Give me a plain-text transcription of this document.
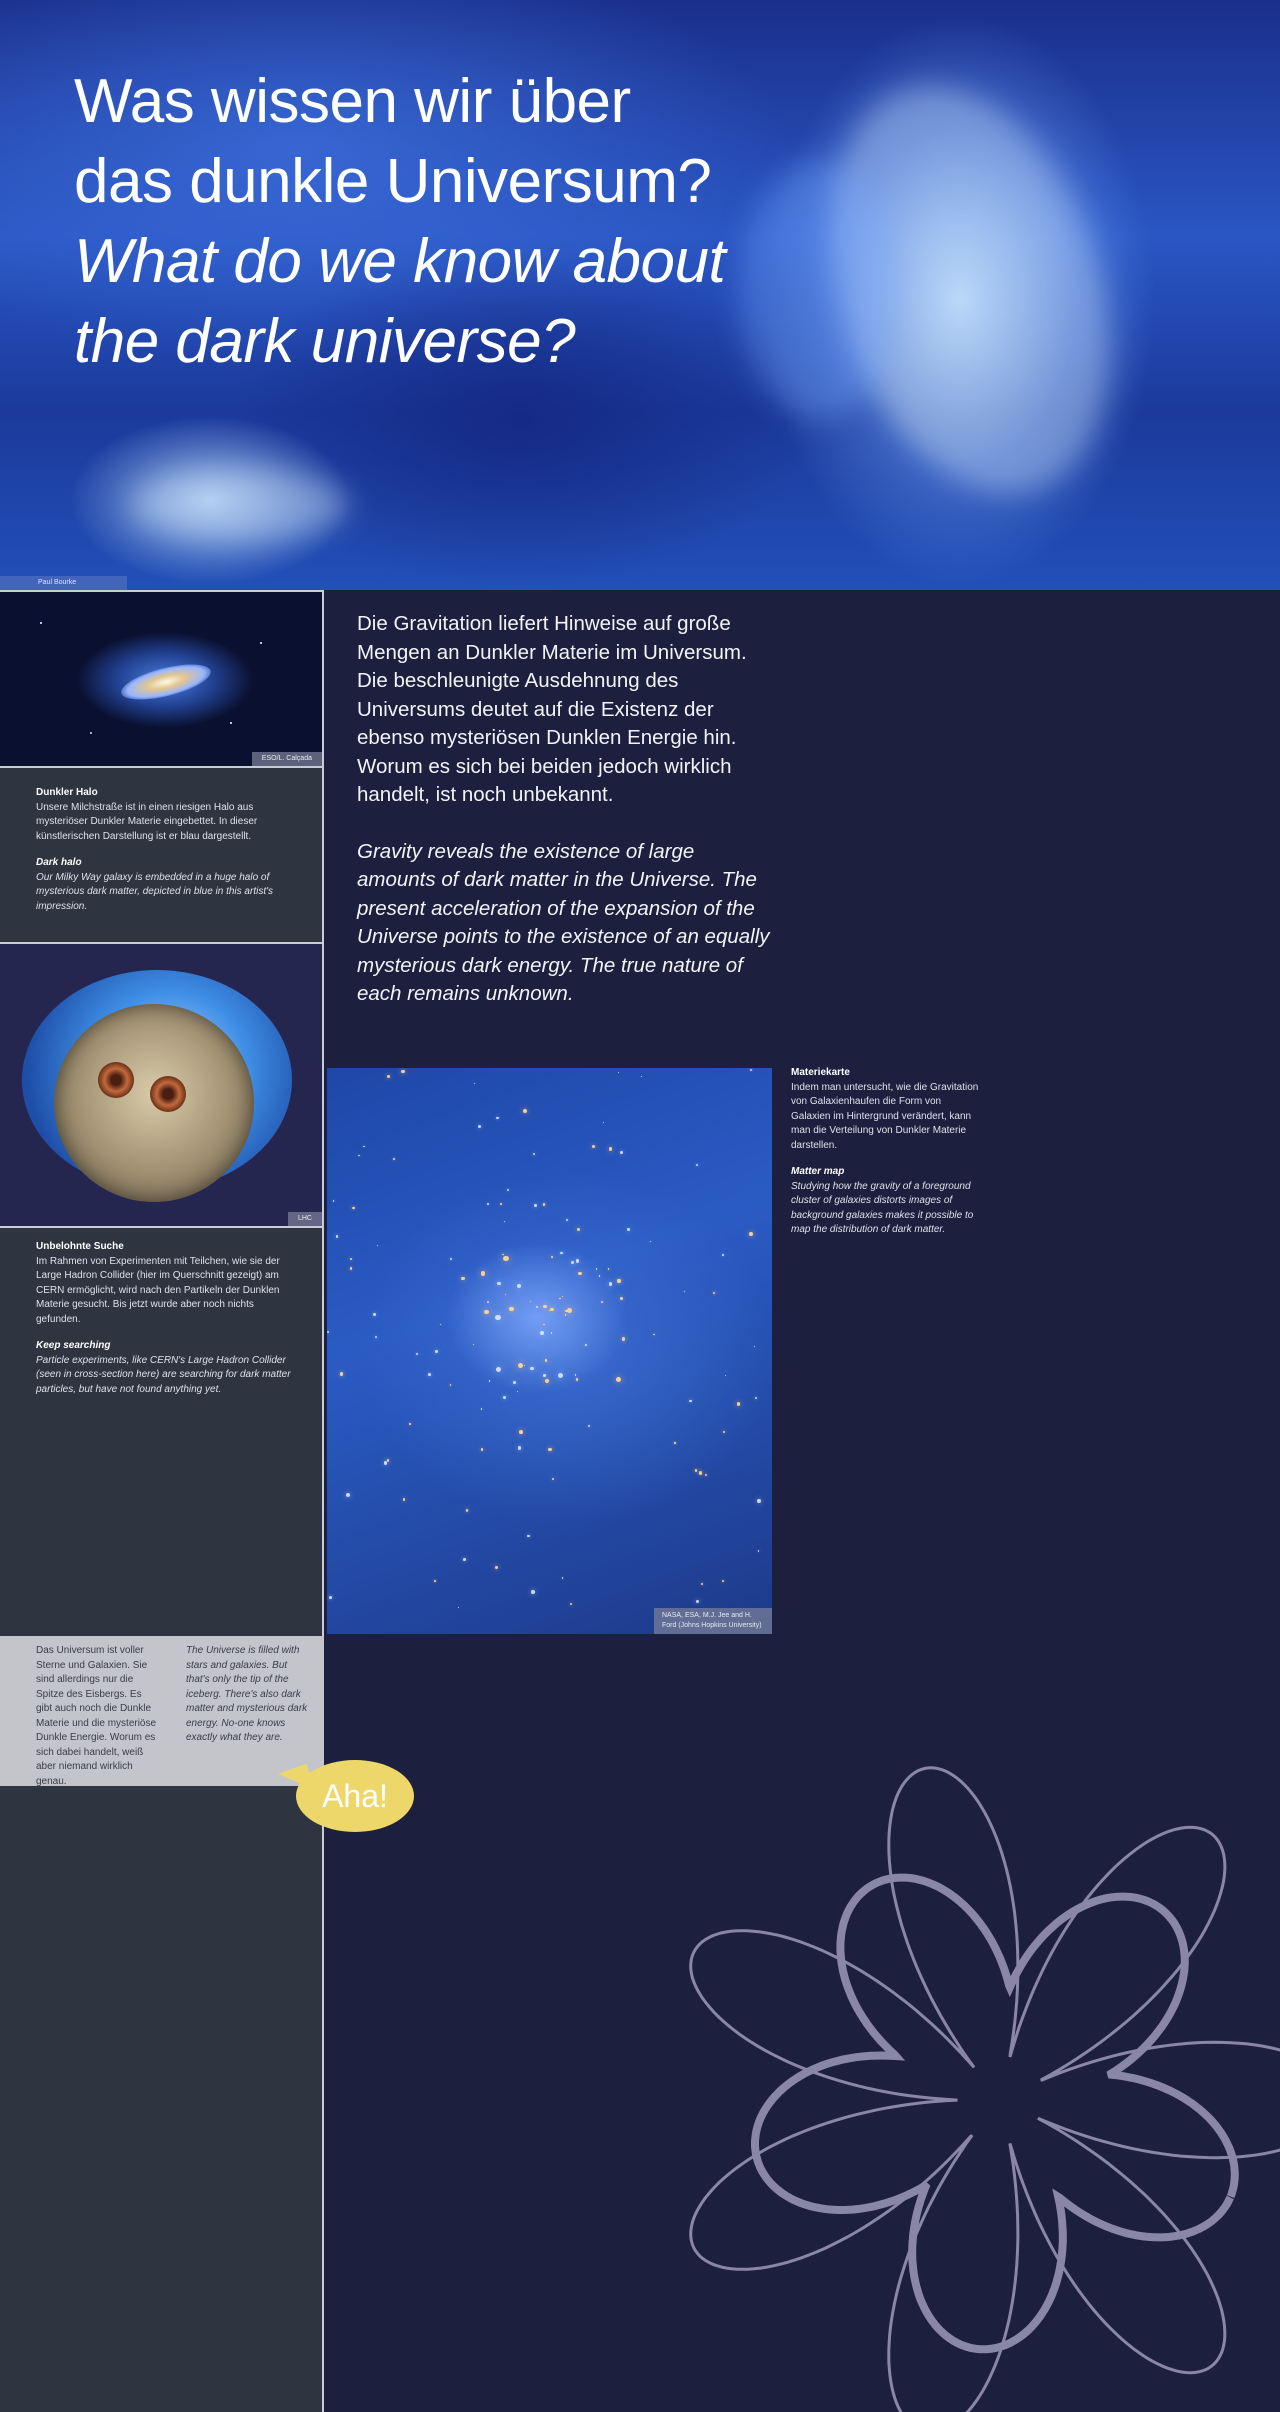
Was wissen wir über
das dunkle Universum?
What do we know about
the dark universe?
Paul Bourke
ESO/L. Calçada

Dunkler Halo

Unsere Milchstraße ist in einen riesigen Halo aus mysteriöser Dunkler Materie eingebettet. In dieser künstlerischen Darstellung ist er blau dargestellt.

Dark halo

Our Milky Way galaxy is embedded in a huge halo of mysterious dark matter, depicted in blue in this artist's impression.

LHC

Unbelohnte Suche

Im Rahmen von Experimenten mit Teilchen, wie sie der Large Hadron Collider (hier im Querschnitt gezeigt) am CERN ermöglicht, wird nach den Partikeln der Dunklen Materie gesucht. Bis jetzt wurde aber noch nichts gefunden.

Keep searching

Particle experiments, like CERN's Large Hadron Collider (seen in cross-section here) are searching for dark matter particles, but have not found anything yet.

Das Universum ist voller Sterne und Galaxien. Sie sind allerdings nur die Spitze des Eisbergs. Es gibt auch noch die Dunkle Materie und die mysteriöse Dunkle Energie. Worum es sich dabei handelt, weiß aber niemand wirklich genau.
The Universe is filled with stars and galaxies. But that's only the tip of the iceberg. There's also dark matter and mysterious dark energy. No-one knows exactly what they are.
Aha!

Die Gravitation liefert Hinweise auf große Mengen an Dunkler Materie im Universum. Die beschleunigte Ausdehnung des Universums deutet auf die Existenz der ebenso mysteriösen Dunklen Energie hin. Worum es sich bei beiden jedoch wirklich handelt, ist noch unbekannt.

Gravity reveals the existence of large amounts of dark matter in the Universe. The present acceleration of the expansion of the Universe points to the existence of an equally mysterious dark energy. The true nature of each remains unknown.

NASA, ESA, M.J. Jee and H. Ford (Johns Hopkins University)

Materiekarte

Indem man untersucht, wie die Gravitation von Galaxienhaufen die Form von Galaxien im Hintergrund verändert, kann man die Verteilung von Dunkler Materie darstellen.

Matter map

Studying how the gravity of a foreground cluster of galaxies distorts images of background galaxies makes it possible to map the distribution of dark matter.
